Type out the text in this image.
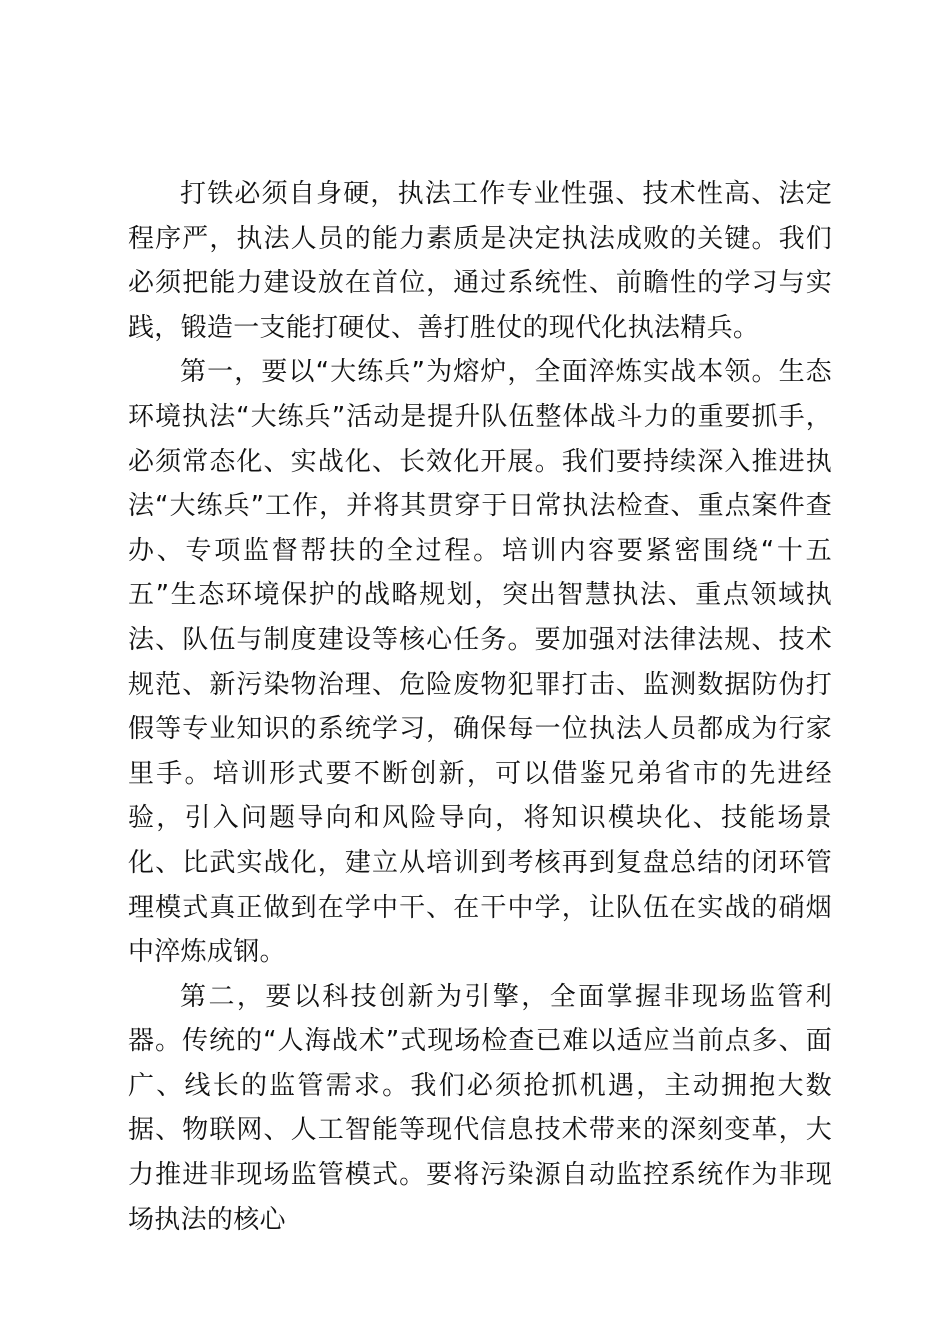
打铁必须自身硬，执法工作专业性强、技术性高、法定程序严，执法人员的能力素质是决定执法成败的关键。我们必须把能力建设放在首位，通过系统性、前瞻性的学习与实践，锻造一支能打硬仗、善打胜仗的现代化执法精兵。

第一，要以“大练兵”为熔炉，全面淬炼实战本领。生态环境执法“大练兵”活动是提升队伍整体战斗力的重要抓手，必须常态化、实战化、长效化开展。我们要持续深入推进执法“大练兵”工作，并将其贯穿于日常执法检查、重点案件查办、专项监督帮扶的全过程。培训内容要紧密围绕“十五五”生态环境保护的战略规划，突出智慧执法、重点领域执法、队伍与制度建设等核心任务。要加强对法律法规、技术规范、新污染物治理、危险废物犯罪打击、监测数据防伪打假等专业知识的系统学习，确保每一位执法人员都成为行家里手。培训形式要不断创新，可以借鉴兄弟省市的先进经验，引入问题导向和风险导向，将知识模块化、技能场景化、比武实战化，建立从培训到考核再到复盘总结的闭环管理模式真正做到在学中干、在干中学，让队伍在实战的硝烟中淬炼成钢。

第二，要以科技创新为引擎，全面掌握非现场监管利器。传统的“人海战术”式现场检查已难以适应当前点多、面广、线长的监管需求。我们必须抢抓机遇，主动拥抱大数据、物联网、人工智能等现代信息技术带来的深刻变革，大力推进非现场监管模式。要将污染源自动监控系统作为非现场执法的核心
